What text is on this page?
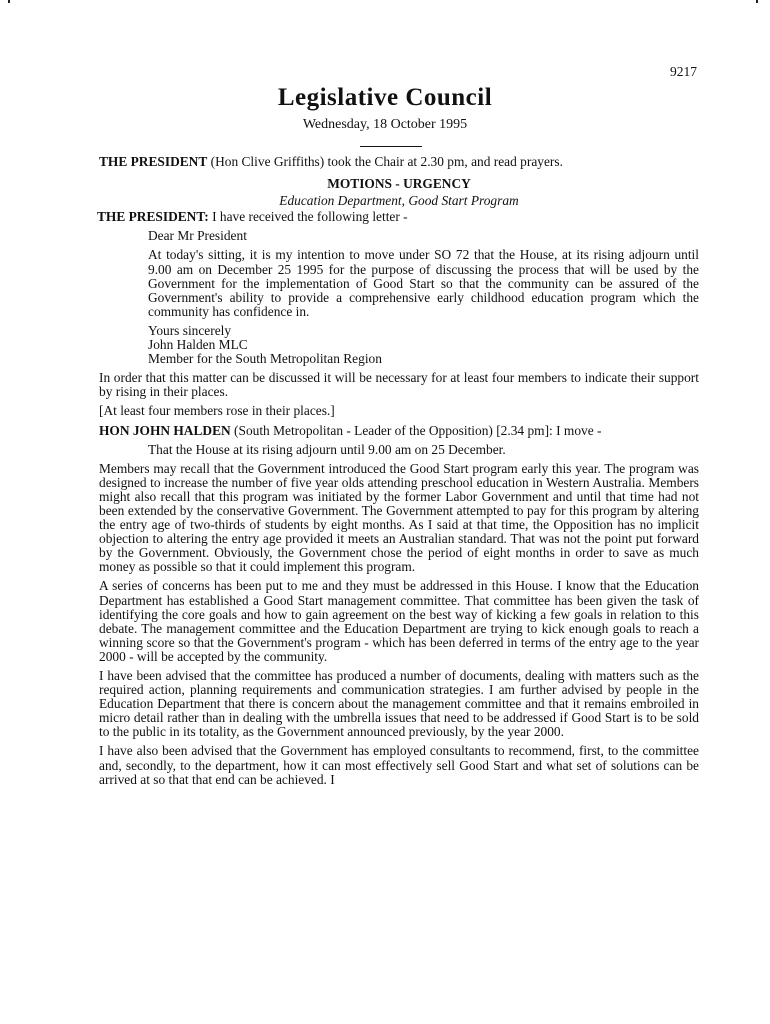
9217
Legislative Council
Wednesday, 18 October 1995

THE PRESIDENT (Hon Clive Griffiths) took the Chair at 2.30 pm, and read prayers.

MOTIONS - URGENCY

Education Department, Good Start Program

THE PRESIDENT: I have received the following letter -

Dear Mr President

At today's sitting, it is my intention to move under SO 72 that the House, at its rising adjourn until 9.00 am on December 25 1995 for the purpose of discussing the process that will be used by the Government for the implementation of Good Start so that the community can be assured of the Government's ability to provide a comprehensive early childhood education program which the community has confidence in.

Yours sincerely

John Halden MLC

Member for the South Metropolitan Region

In order that this matter can be discussed it will be necessary for at least four members to indicate their support by rising in their places.

[At least four members rose in their places.]

HON JOHN HALDEN (South Metropolitan - Leader of the Opposition) [2.34 pm]: I move -

That the House at its rising adjourn until 9.00 am on 25 December.

Members may recall that the Government introduced the Good Start program early this year. The program was designed to increase the number of five year olds attending preschool education in Western Australia. Members might also recall that this program was initiated by the former Labor Government and until that time had not been extended by the conservative Government. The Government attempted to pay for this program by altering the entry age of two-thirds of students by eight months. As I said at that time, the Opposition has no implicit objection to altering the entry age provided it meets an Australian standard. That was not the point put forward by the Government. Obviously, the Government chose the period of eight months in order to save as much money as possible so that it could implement this program.

A series of concerns has been put to me and they must be addressed in this House. I know that the Education Department has established a Good Start management committee. That committee has been given the task of identifying the core goals and how to gain agreement on the best way of kicking a few goals in relation to this debate. The management committee and the Education Department are trying to kick enough goals to reach a winning score so that the Government's program - which has been deferred in terms of the entry age to the year 2000 - will be accepted by the community.

I have been advised that the committee has produced a number of documents, dealing with matters such as the required action, planning requirements and communication strategies. I am further advised by people in the Education Department that there is concern about the management committee and that it remains embroiled in micro detail rather than in dealing with the umbrella issues that need to be addressed if Good Start is to be sold to the public in its totality, as the Government announced previously, by the year 2000.

I have also been advised that the Government has employed consultants to recommend, first, to the committee and, secondly, to the department, how it can most effectively sell Good Start and what set of solutions can be arrived at so that that end can be achieved. I
